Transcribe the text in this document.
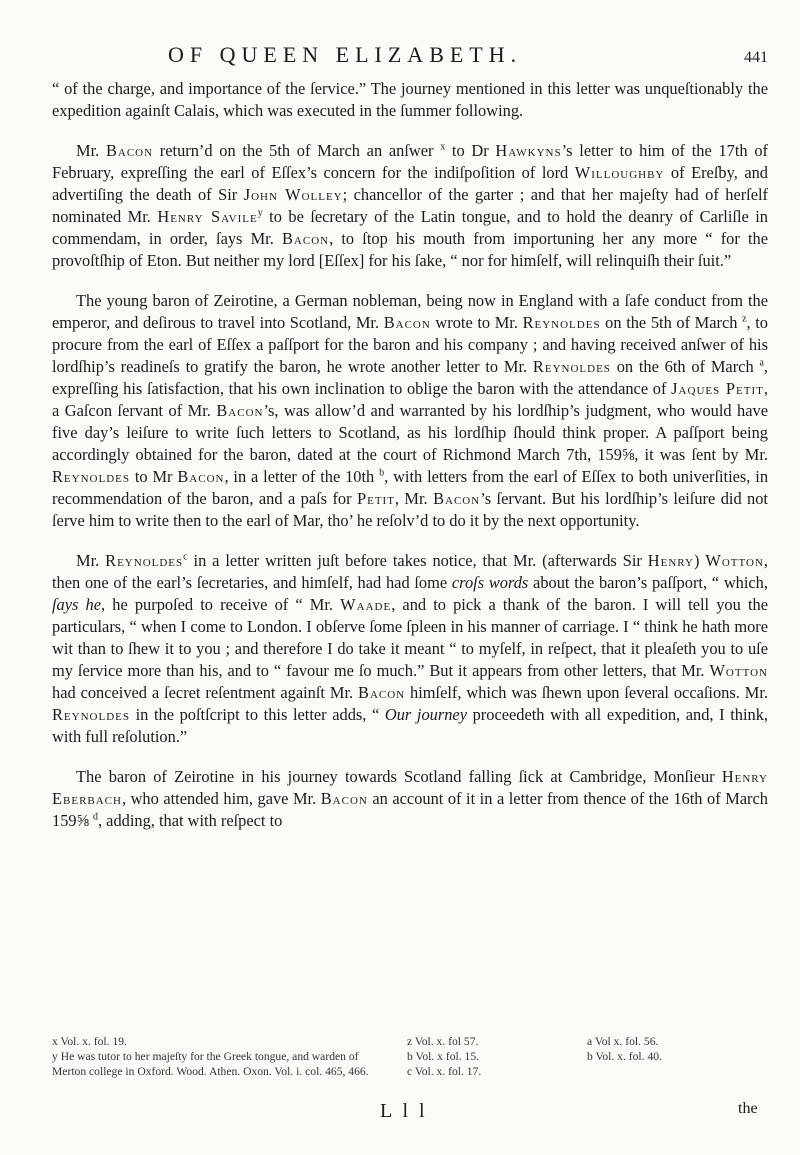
OF QUEEN ELIZABETH.	441

“ of the charge, and importance of the ſervice.” The journey mentioned in this letter was unqueſtionably the expedition againſt Calais, which was executed in the ſummer following.

Mr. Bacon return’d on the 5th of March an anſwer $^x$ to Dr Hawkyns’s letter to him of the 17th of February, expreſſing the earl of Eſſex’s concern for the indiſpoſition of lord Willoughby of Ereſby, and advertiſing the death of Sir John Wolley; chancellor of the garter ; and that her majeſty had of herſelf nominated Mr. Henry Savile$^y$ to be ſecretary of the Latin tongue, and to hold the deanry of Carliſle in commendam, in order, ſays Mr. Bacon, to ſtop his mouth from importuning her any more “ for the provoſtſhip of Eton. But neither my lord [Eſſex] for his ſake, “ nor for himſelf, will relinquiſh their ſuit.”

The young baron of Zeirotine, a German nobleman, being now in England with a ſafe conduct from the emperor, and deſirous to travel into Scotland, Mr. Bacon wrote to Mr. Reynoldes on the 5th of March $^z$, to procure from the earl of Eſſex a paſſport for the baron and his company ; and having received anſwer of his lordſhip’s readineſs to gratify the baron, he wrote another letter to Mr. Reynoldes on the 6th of March $^a$, expreſſing his ſatisfaction, that his own inclination to oblige the baron with the attendance of Jaques Petit, a Gaſcon ſervant of Mr. Bacon’s, was allow’d and warranted by his lordſhip’s judgment, who would have five day’s leiſure to write ſuch letters to Scotland, as his lordſhip ſhould think proper. A paſſport being accordingly obtained for the baron, dated at the court of Richmond March 7th, 159⅝, it was ſent by Mr. Reynoldes to Mr Bacon, in a letter of the 10th $^b$, with letters from the earl of Eſſex to both univerſities, in recommendation of the baron, and a paſs for Petit, Mr. Bacon’s ſervant. But his lordſhip’s leiſure did not ſerve him to write then to the earl of Mar, tho’ he reſolv’d to do it by the next opportunity.

Mr. Reynoldes$^c$ in a letter written juſt before takes notice, that Mr. (afterwards Sir Henry) Wotton, then one of the earl’s ſecretaries, and himſelf, had had ſome croſs words about the baron’s paſſport, “ which, ſays he, he purpoſed to receive of “ Mr. Waade, and to pick a thank of the baron. I will tell you the particulars, “ when I come to London. I obſerve ſome ſpleen in his manner of carriage. I “ think he hath more wit than to ſhew it to you ; and therefore I do take it meant “ to myſelf, in reſpect, that it pleaſeth you to uſe my ſervice more than his, and to “ favour me ſo much.” But it appears from other letters, that Mr. Wotton had conceived a ſecret reſentment againſt Mr. Bacon himſelf, which was ſhewn upon ſeveral occaſions. Mr. Reynoldes in the poſtſcript to this letter adds, “ Our journey proceedeth with all expedition, and, I think, with full reſolution.”

The baron of Zeirotine in his journey towards Scotland falling ſick at Cambridge, Monſieur Henry Eberbach, who attended him, gave Mr. Bacon an account of it in a letter from thence of the 16th of March 159⅝ $^d$, adding, that with reſpect to

x Vol. x. fol. 19.
y He was tutor to her majeſty for the Greek tongue, and warden of Merton college in Oxford. Wood. Athen. Oxon. Vol. i. col. 465, 466.
z Vol. x. fol 57.
b Vol. x fol. 15.
c Vol. x. fol. 17.
a Vol x. fol. 56.
b Vol. x. fol. 40.
L l l	the
